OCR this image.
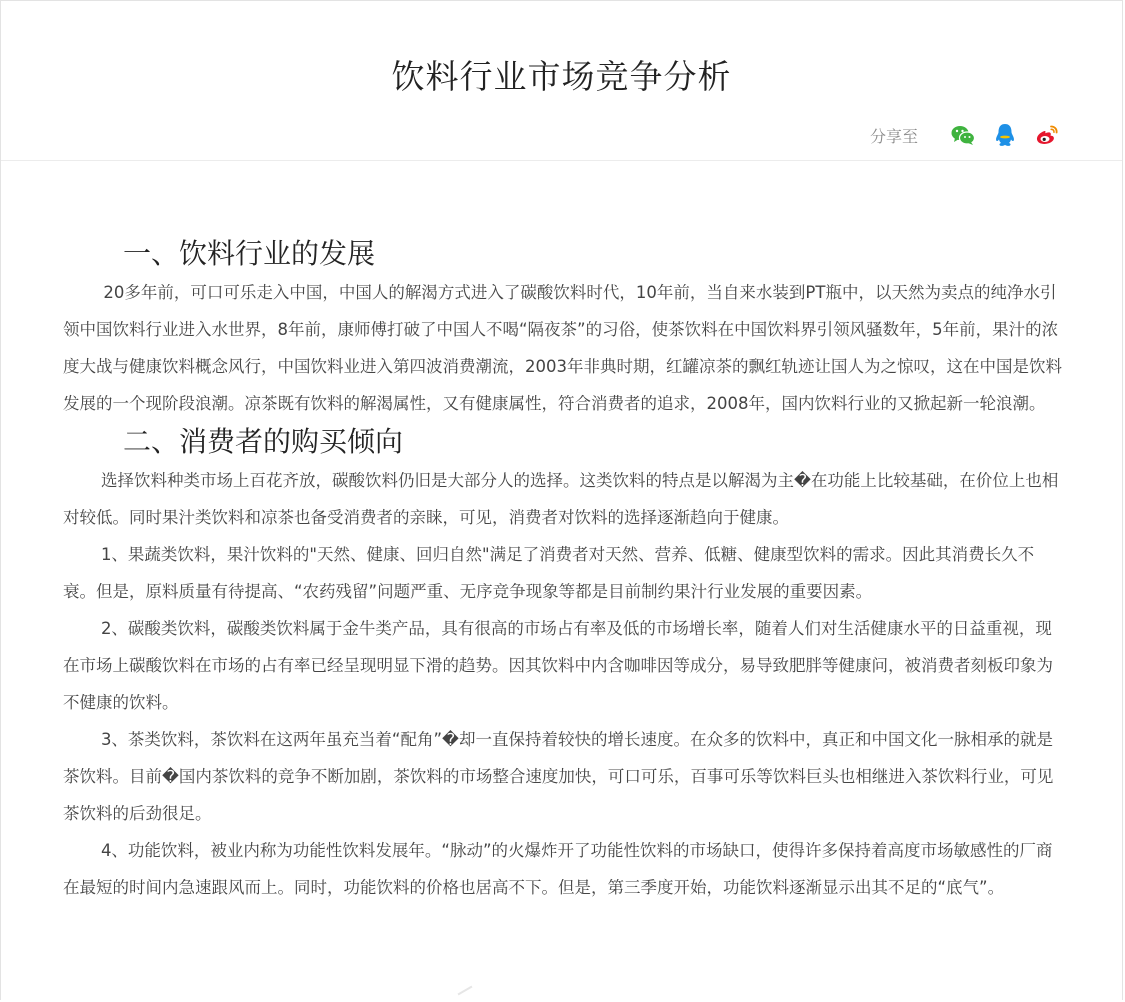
饮料行业市场竞争分析
分享至
一、饮料行业的发展

20多年前，可口可乐走入中国，中国人的解渴方式进入了碳酸饮料时代，10年前，当自来水装到PT瓶中，以天然为卖点的纯净水引领中国饮料行业进入水世界，8年前，康师傅打破了中国人不喝“隔夜茶”的习俗，使茶饮料在中国饮料界引领风骚数年，5年前，果汁的浓度大战与健康饮料概念风行，中国饮料业进入第四波消费潮流，2003年非典时期，红罐凉茶的飘红轨迹让国人为之惊叹，这在中国是饮料发展的一个现阶段浪潮。凉茶既有饮料的解渴属性，又有健康属性，符合消费者的追求，2008年，国内饮料行业的又掀起新一轮浪潮。

二、消费者的购买倾向

选择饮料种类市场上百花齐放，碳酸饮料仍旧是大部分人的选择。这类饮料的特点是以解渴为主�在功能上比较基础，在价位上也相对较低。同时果汁类饮料和凉茶也备受消费者的亲睐，可见，消费者对饮料的选择逐渐趋向于健康。

1、果蔬类饮料，果汁饮料的"天然、健康、回归自然"满足了消费者对天然、营养、低糖、健康型饮料的需求。因此其消费长久不衰。但是，原料质量有待提高、“农药残留”问题严重、无序竞争现象等都是目前制约果汁行业发展的重要因素。

2、碳酸类饮料，碳酸类饮料属于金牛类产品，具有很高的市场占有率及低的市场增长率，随着人们对生活健康水平的日益重视，现在市场上碳酸饮料在市场的占有率已经呈现明显下滑的趋势。因其饮料中内含咖啡因等成分，易导致肥胖等健康问，被消费者刻板印象为不健康的饮料。

3、茶类饮料，茶饮料在这两年虽充当着“配角”�却一直保持着较快的增长速度。在众多的饮料中，真正和中国文化一脉相承的就是茶饮料。目前�国内茶饮料的竞争不断加剧，茶饮料的市场整合速度加快，可口可乐，百事可乐等饮料巨头也相继进入茶饮料行业，可见茶饮料的后劲很足。

4、功能饮料，被业内称为功能性饮料发展年。“脉动”的火爆炸开了功能性饮料的市场缺口，使得许多保持着高度市场敏感性的厂商在最短的时间内急速跟风而上。同时，功能饮料的价格也居高不下。但是，第三季度开始，功能饮料逐渐显示出其不足的“底气”。
